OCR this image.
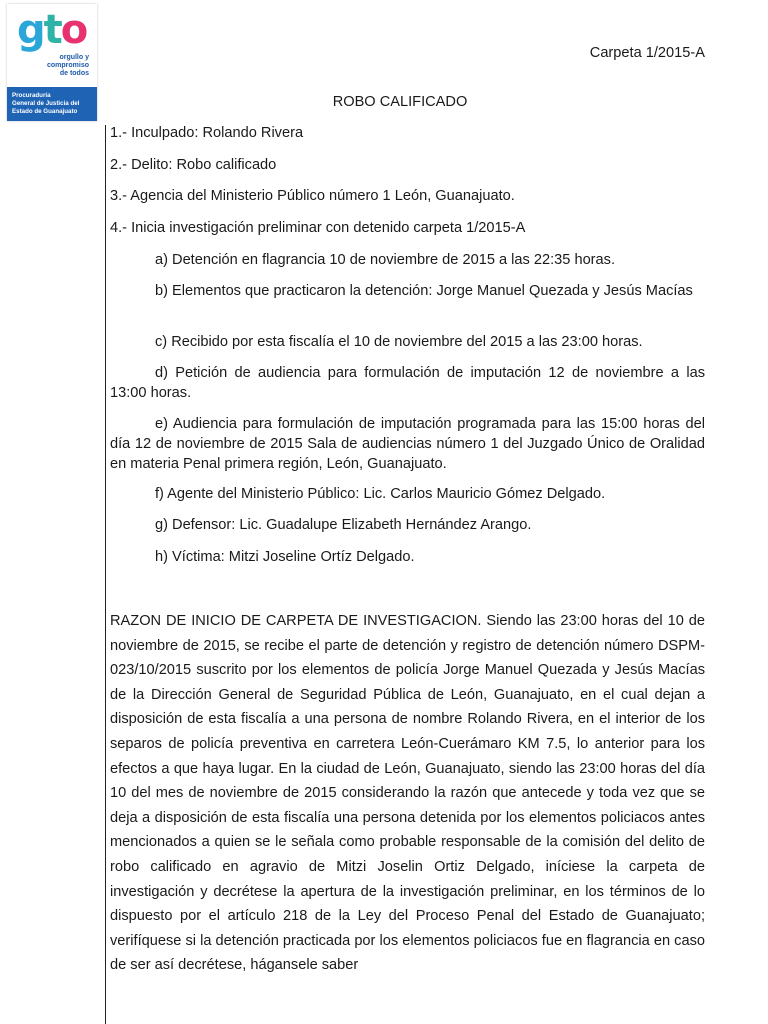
gto
orgullo y
compromiso
de todos
Procuraduría
General de Justicia del
Estado de Guanajuato
Carpeta 1/2015-A
ROBO CALIFICADO
1.- Inculpado: Rolando Rivera
2.- Delito: Robo calificado
3.- Agencia del Ministerio Público número 1 León, Guanajuato.
4.- Inicia investigación preliminar con detenido carpeta 1/2015-A
a) Detención en flagrancia 10 de noviembre de 2015 a las 22:35 horas.
b) Elementos que practicaron la detención: Jorge Manuel Quezada y Jesús Macías
c) Recibido por esta fiscalía el 10 de noviembre del 2015 a las 23:00 horas.
d) Petición de audiencia para formulación de imputación 12 de noviembre a las 13:00 horas.
e) Audiencia para formulación de imputación programada para las 15:00 horas del día 12 de noviembre de 2015 Sala de audiencias número 1 del Juzgado Único de Oralidad en materia Penal primera región, León, Guanajuato.
f) Agente del Ministerio Público: Lic. Carlos Mauricio Gómez Delgado.
g) Defensor: Lic. Guadalupe Elizabeth Hernández Arango.
h) Víctima: Mitzi Joseline Ortíz Delgado.
RAZON DE INICIO DE CARPETA DE INVESTIGACION. Siendo las 23:00 horas del 10 de noviembre de 2015, se recibe el parte de detención y registro de detención número DSPM- 023/10/2015 suscrito por los elementos de policía Jorge Manuel Quezada y Jesús Macías de la Dirección General de Seguridad Pública de León, Guanajuato, en el cual dejan a disposición de esta fiscalía a una persona de nombre Rolando Rivera, en el interior de los separos de policía preventiva en carretera León-Cuerámaro KM 7.5, lo anterior para los efectos a que haya lugar. En la ciudad de León, Guanajuato, siendo las 23:00 horas del día 10 del mes de noviembre de 2015 considerando la razón que antecede y toda vez que se deja a disposición de esta fiscalía una persona detenida por los elementos policiacos antes mencionados a quien se le señala como probable responsable de la comisión del delito de robo calificado en agravio de Mitzi Joselin Ortiz Delgado, iníciese la carpeta de investigación y decrétese la apertura de la investigación preliminar, en los términos de lo dispuesto por el artículo 218 de la Ley del Proceso Penal del Estado de Guanajuato; verifíquese si la detención practicada por los elementos policiacos fue en flagrancia en caso de ser así decrétese, hágansele saber
